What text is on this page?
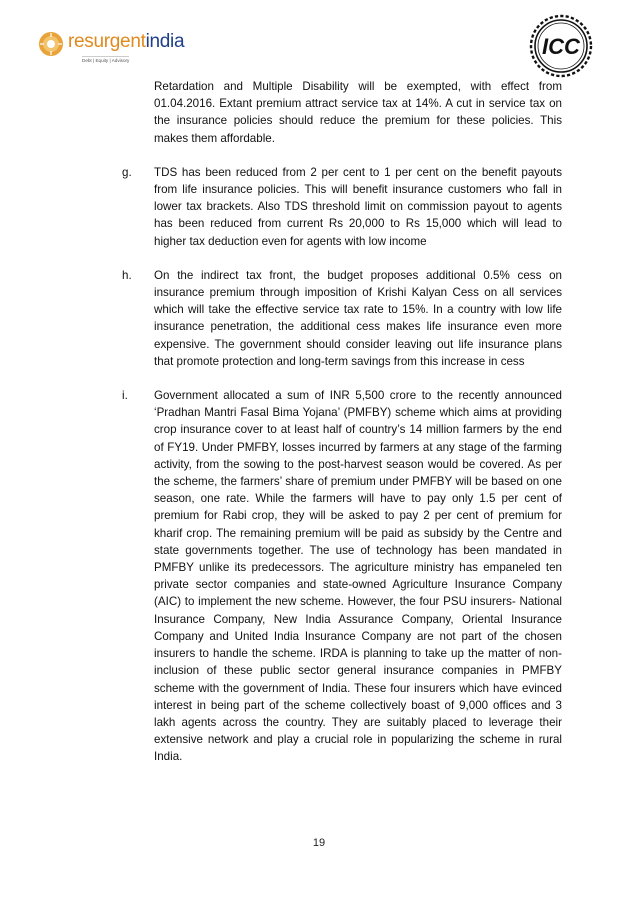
resurgentindia
Debt | Equity | Advisory
ICC

Retardation and Multiple Disability will be exempted, with effect from 01.04.2016. Extant premium attract service tax at 14%. A cut in service tax on the insurance policies should reduce the premium for these policies. This makes them affordable.

g. TDS has been reduced from 2 per cent to 1 per cent on the benefit payouts from life insurance policies. This will benefit insurance customers who fall in lower tax brackets. Also TDS threshold limit on commission payout to agents has been reduced from current Rs 20,000 to Rs 15,000 which will lead to higher tax deduction even for agents with low income

h. On the indirect tax front, the budget proposes additional 0.5% cess on insurance premium through imposition of Krishi Kalyan Cess on all services which will take the effective service tax rate to 15%. In a country with low life insurance penetration, the additional cess makes life insurance even more expensive. The government should consider leaving out life insurance plans that promote protection and long-term savings from this increase in cess

i. Government allocated a sum of INR 5,500 crore to the recently announced ‘Pradhan Mantri Fasal Bima Yojana’ (PMFBY) scheme which aims at providing crop insurance cover to at least half of country’s 14 million farmers by the end of FY19. Under PMFBY, losses incurred by farmers at any stage of the farming activity, from the sowing to the post-harvest season would be covered. As per the scheme, the farmers’ share of premium under PMFBY will be based on one season, one rate. While the farmers will have to pay only 1.5 per cent of premium for Rabi crop, they will be asked to pay 2 per cent of premium for kharif crop. The remaining premium will be paid as subsidy by the Centre and state governments together. The use of technology has been mandated in PMFBY unlike its predecessors. The agriculture ministry has empaneled ten private sector companies and state-owned Agriculture Insurance Company (AIC) to implement the new scheme. However, the four PSU insurers- National Insurance Company, New India Assurance Company, Oriental Insurance Company and United India Insurance Company are not part of the chosen insurers to handle the scheme. IRDA is planning to take up the matter of non-inclusion of these public sector general insurance companies in PMFBY scheme with the government of India. These four insurers which have evinced interest in being part of the scheme collectively boast of 9,000 offices and 3 lakh agents across the country. They are suitably placed to leverage their extensive network and play a crucial role in popularizing the scheme in rural India.

19
